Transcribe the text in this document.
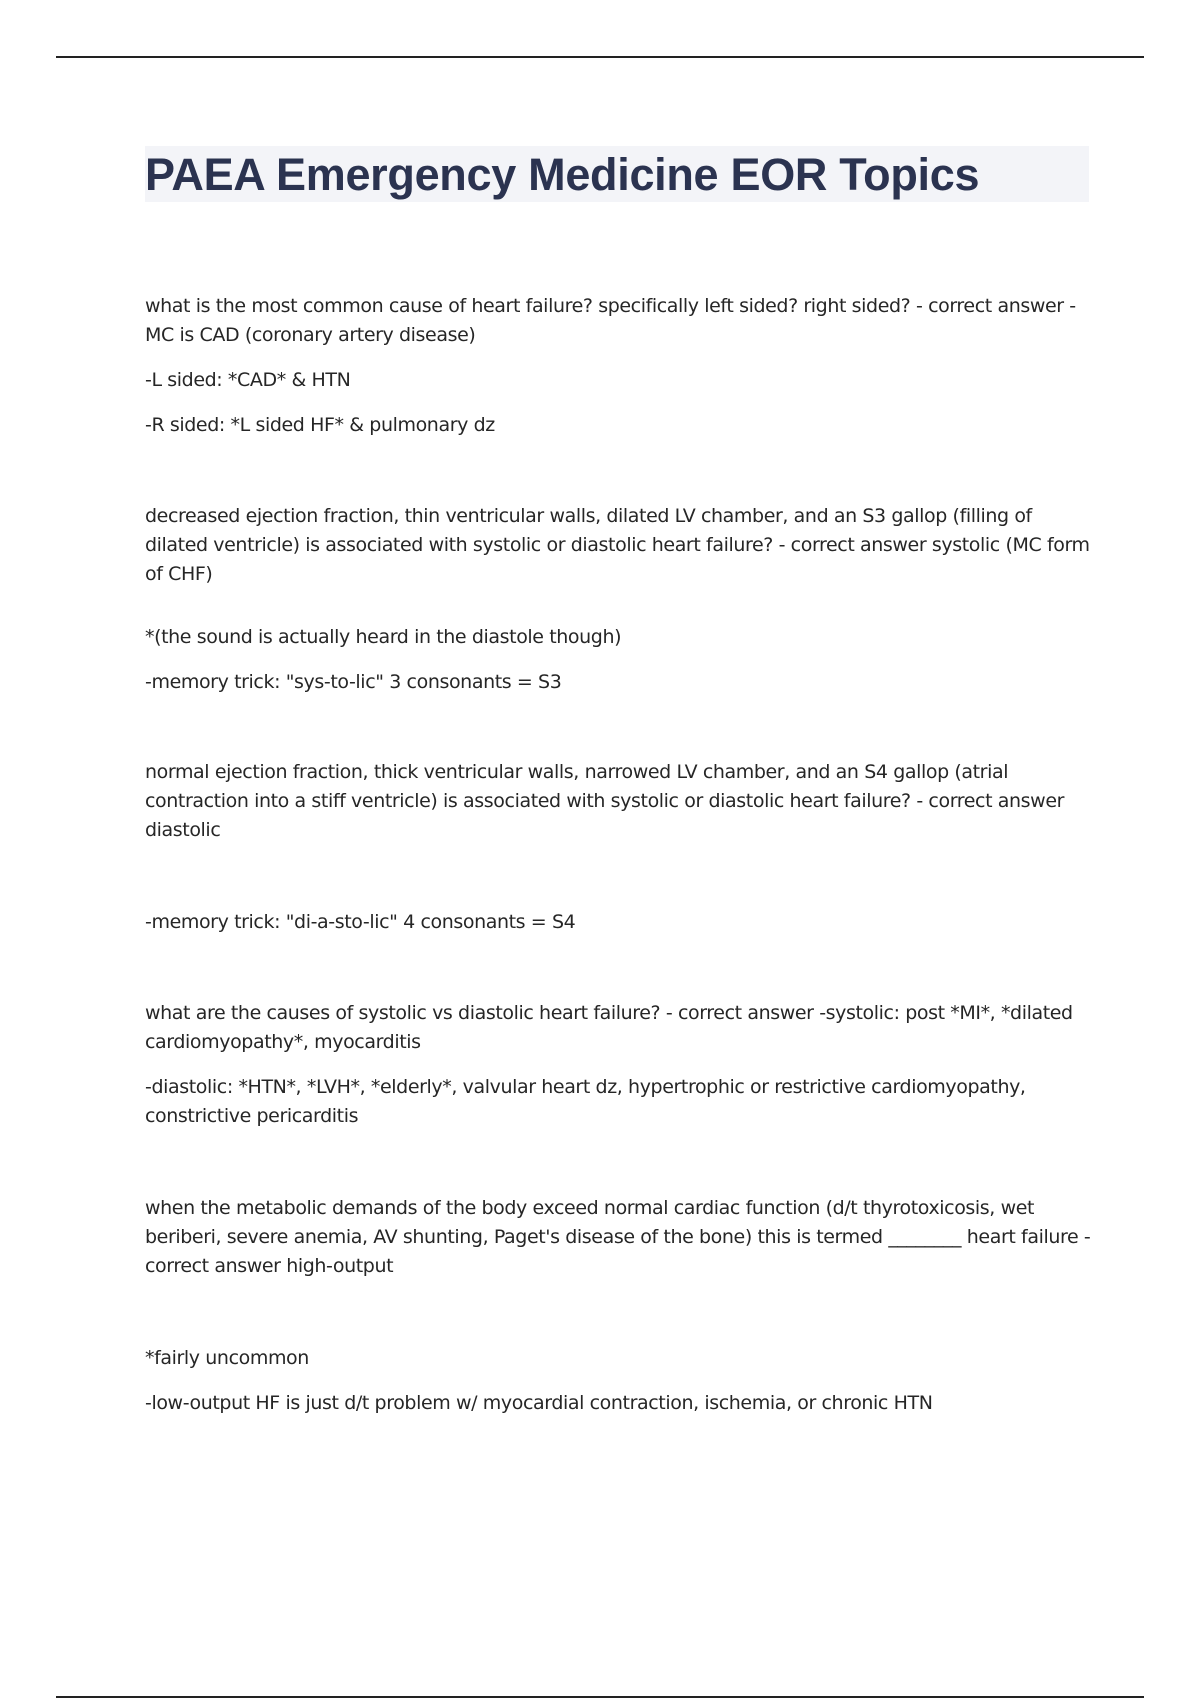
PAEA Emergency Medicine EOR Topics

what is the most common cause of heart failure? specifically left sided? right sided? - correct answer - MC is CAD (coronary artery disease)

-L sided: *CAD* & HTN

-R sided: *L sided HF* & pulmonary dz

decreased ejection fraction, thin ventricular walls, dilated LV chamber, and an S3 gallop (filling of dilated ventricle) is associated with systolic or diastolic heart failure? - correct answer systolic (MC form of CHF)

*(the sound is actually heard in the diastole though)

-memory trick: "sys-to-lic" 3 consonants = S3

normal ejection fraction, thick ventricular walls, narrowed LV chamber, and an S4 gallop (atrial contraction into a stiff ventricle) is associated with systolic or diastolic heart failure? - correct answer diastolic

-memory trick: "di-a-sto-lic" 4 consonants = S4

what are the causes of systolic vs diastolic heart failure? - correct answer -systolic: post *MI*, *dilated cardiomyopathy*, myocarditis

-diastolic: *HTN*, *LVH*, *elderly*, valvular heart dz, hypertrophic or restrictive cardiomyopathy, constrictive pericarditis

when the metabolic demands of the body exceed normal cardiac function (d/t thyrotoxicosis, wet beriberi, severe anemia, AV shunting, Paget's disease of the bone) this is termed ________ heart failure - correct answer high-output

*fairly uncommon

-low-output HF is just d/t problem w/ myocardial contraction, ischemia, or chronic HTN
